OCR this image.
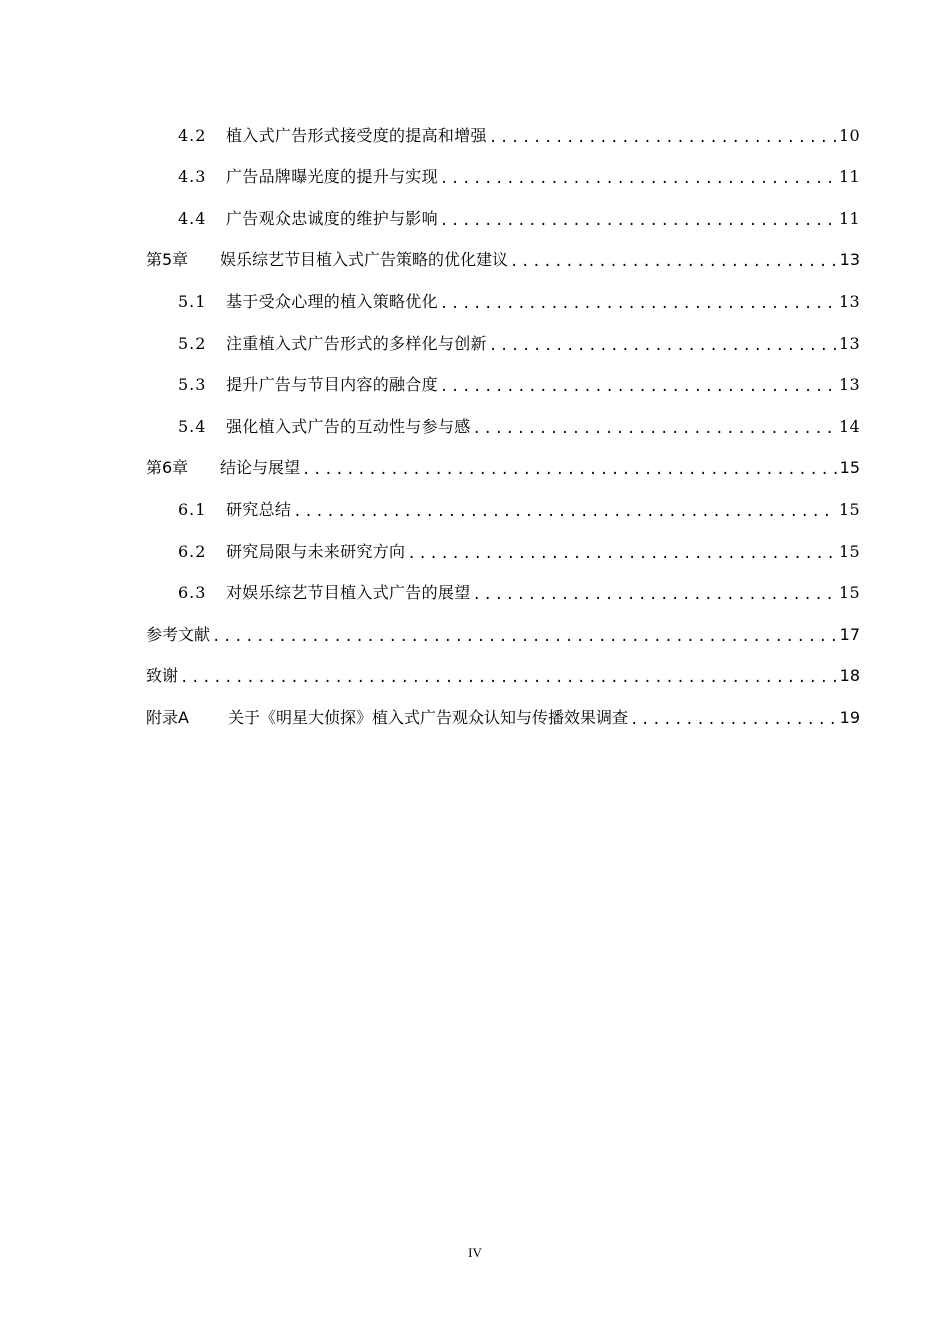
4.2	植入式广告形式接受度的提高和增强 .....	10
4.3	广告品牌曝光度的提升与实现 .....	11
4.4	广告观众忠诚度的维护与影响 .....	11
第5章	娱乐综艺节目植入式广告策略的优化建议 .....	13
5.1	基于受众心理的植入策略优化 .....	13
5.2	注重植入式广告形式的多样化与创新 .....	13
5.3	提升广告与节目内容的融合度 .....	13
5.4	强化植入式广告的互动性与参与感 .....	14
第6章	结论与展望 .....	15
6.1	研究总结 .....	15
6.2	研究局限与未来研究方向 .....	15
6.3	对娱乐综艺节目植入式广告的展望 .....	15
参考文献 .....	17
致谢 .....	18
附录A	关于《明星大侦探》植入式广告观众认知与传播效果调查 .....	19
IV
